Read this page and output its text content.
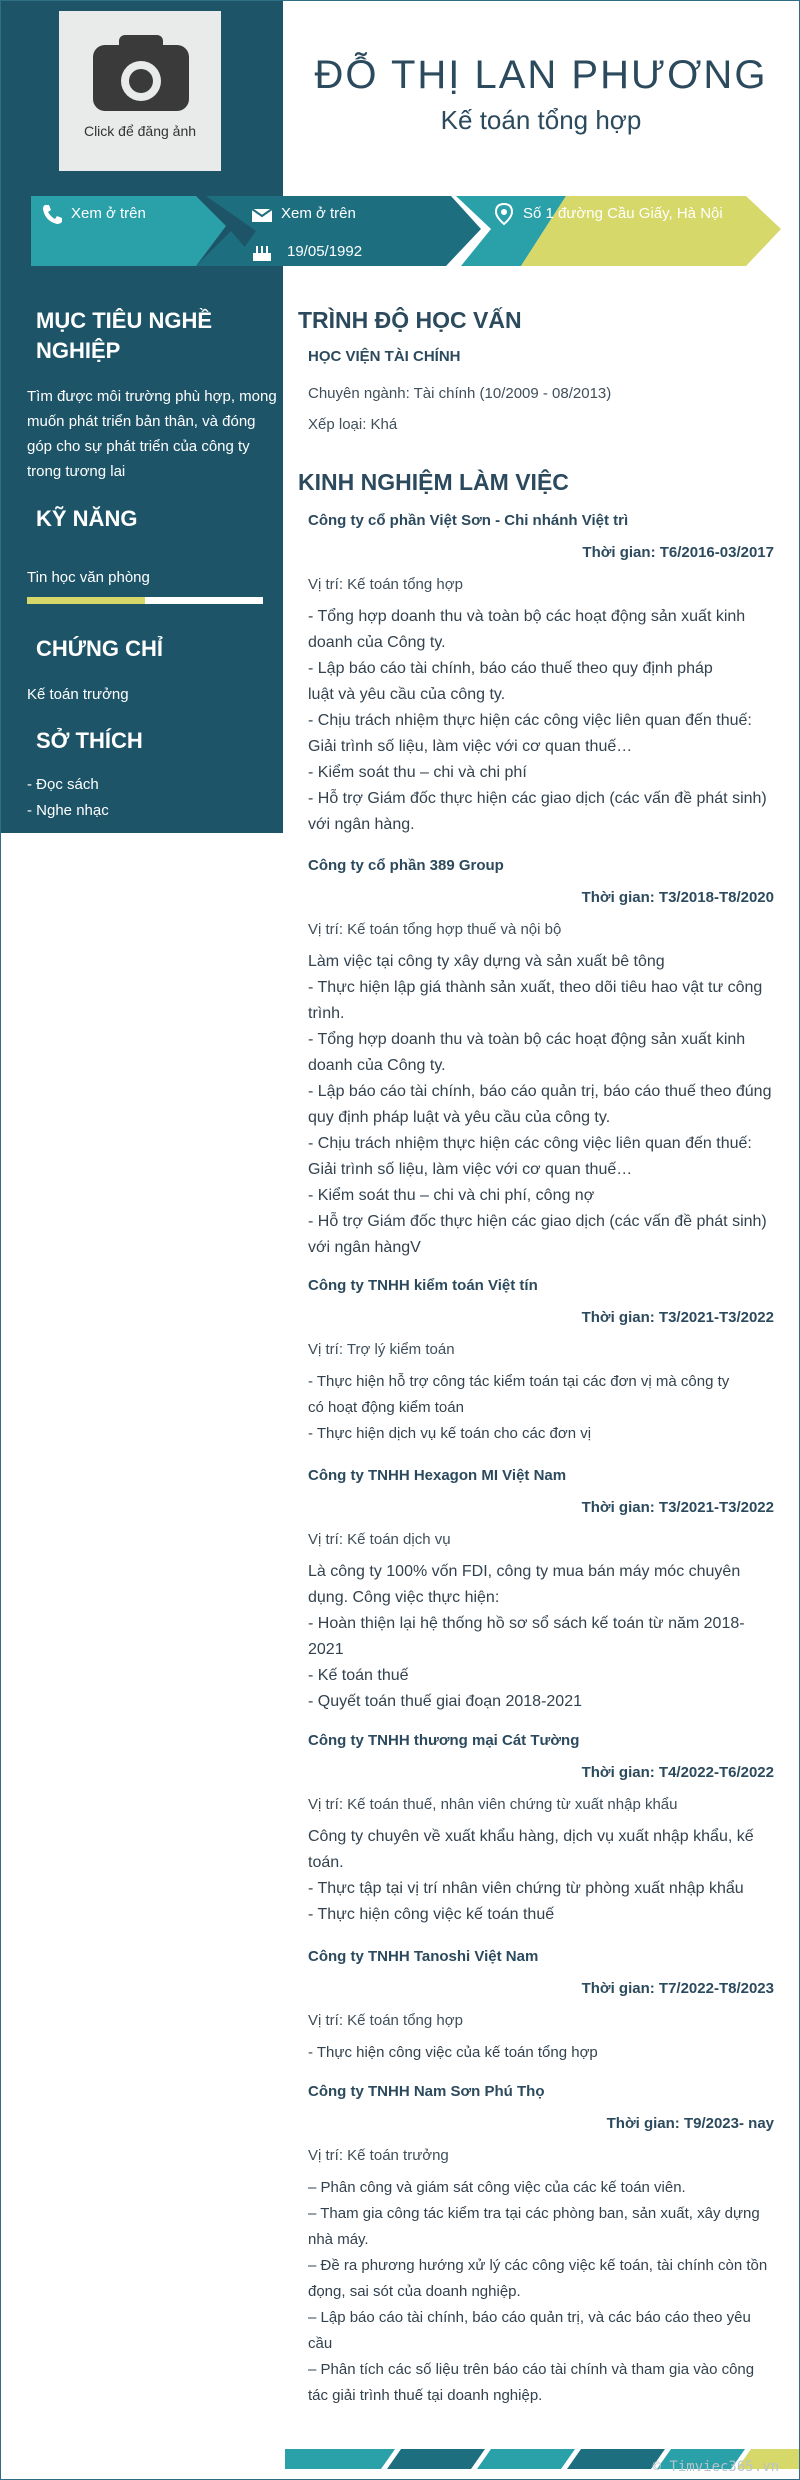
Click để đăng ảnh
ĐỖ THỊ LAN PHƯƠNG
Kế toán tổng hợp
Xem ở trên	Xem ở trên
19/05/1992
Số 1 đường Cầu Giấy, Hà Nội
MỤC TIÊU NGHỀ
NGHIỆP
Tìm được môi trường phù hợp, mong muốn phát triển bản thân, và đóng góp cho sự phát triển của công ty trong tương lai
KỸ NĂNG
Tin học văn phòng
CHỨNG CHỈ
Kế toán trưởng
SỞ THÍCH
- Đọc sách
- Nghe nhạc
TRÌNH ĐỘ HỌC VẤN
HỌC VIỆN TÀI CHÍNH
Chuyên ngành: Tài chính (10/2009 - 08/2013)
Xếp loại: Khá
KINH NGHIỆM LÀM VIỆC
Công ty cổ phần Việt Sơn - Chi nhánh Việt trì
Thời gian: T6/2016-03/2017
Vị trí: Kế toán tổng hợp
- Tổng hợp doanh thu và toàn bộ các hoạt động sản xuất kinh
doanh của Công ty.
- Lập báo cáo tài chính, báo cáo thuế theo quy định pháp
luật và yêu cầu của công ty.
- Chịu trách nhiệm thực hiện các công việc liên quan đến thuế:
Giải trình số liệu, làm việc với cơ quan thuế…
- Kiểm soát thu – chi và chi phí
- Hỗ trợ Giám đốc thực hiện các giao dịch (các vấn đề phát sinh)
với ngân hàng.
Công ty cổ phần 389 Group
Thời gian: T3/2018-T8/2020
Vị trí: Kế toán tổng hợp thuế và nội bộ
Làm việc tại công ty xây dựng và sản xuất bê tông
- Thực hiện lập giá thành sản xuất, theo dõi tiêu hao vật tư công
trình.
- Tổng hợp doanh thu và toàn bộ các hoạt động sản xuất kinh
doanh của Công ty.
- Lập báo cáo tài chính, báo cáo quản trị, báo cáo thuế theo đúng
quy định pháp luật và yêu cầu của công ty.
- Chịu trách nhiệm thực hiện các công việc liên quan đến thuế:
Giải trình số liệu, làm việc với cơ quan thuế…
- Kiểm soát thu – chi và chi phí, công nợ
- Hỗ trợ Giám đốc thực hiện các giao dịch (các vấn đề phát sinh)
với ngân hàngV
Công ty TNHH kiểm toán Việt tín
Thời gian: T3/2021-T3/2022
Vị trí: Trợ lý kiểm toán
- Thực hiện hỗ trợ công tác kiểm toán tại các đơn vị mà công ty
có hoạt động kiểm toán
- Thực hiện dịch vụ kế toán cho các đơn vị
Công ty TNHH Hexagon MI Việt Nam
Thời gian: T3/2021-T3/2022
Vị trí: Kế toán dịch vụ
Là công ty 100% vốn FDI, công ty mua bán máy móc chuyên
dụng. Công việc thực hiện:
- Hoàn thiện lại hệ thống hồ sơ sổ sách kế toán từ năm 2018-
2021
- Kế toán thuế
- Quyết toán thuế giai đoạn 2018-2021
Công ty TNHH thương mại Cát Tường
Thời gian: T4/2022-T6/2022
Vị trí: Kế toán thuế, nhân viên chứng từ xuất nhập khẩu
Công ty chuyên về xuất khẩu hàng, dịch vụ xuất nhập khẩu, kế
toán.
- Thực tập tại vị trí nhân viên chứng từ phòng xuất nhập khẩu
- Thực hiện công việc kế toán thuế
Công ty TNHH Tanoshi Việt Nam
Thời gian: T7/2022-T8/2023
Vị trí: Kế toán tổng hợp
- Thực hiện công việc của kế toán tổng hợp
Công ty TNHH Nam Sơn Phú Thọ
Thời gian: T9/2023- nay
Vị trí: Kế toán trưởng
– Phân công và giám sát công việc của các kế toán viên.
– Tham gia công tác kiểm tra tại các phòng ban, sản xuất, xây dựng
nhà máy.
– Đề ra phương hướng xử lý các công việc kế toán, tài chính còn tồn
đọng, sai sót của doanh nghiệp.
– Lập báo cáo tài chính, báo cáo quản trị, và các báo cáo theo yêu
cầu
– Phân tích các số liệu trên báo cáo tài chính và tham gia vào công
tác giải trình thuế tại doanh nghiệp.
© Timviec365.vn
